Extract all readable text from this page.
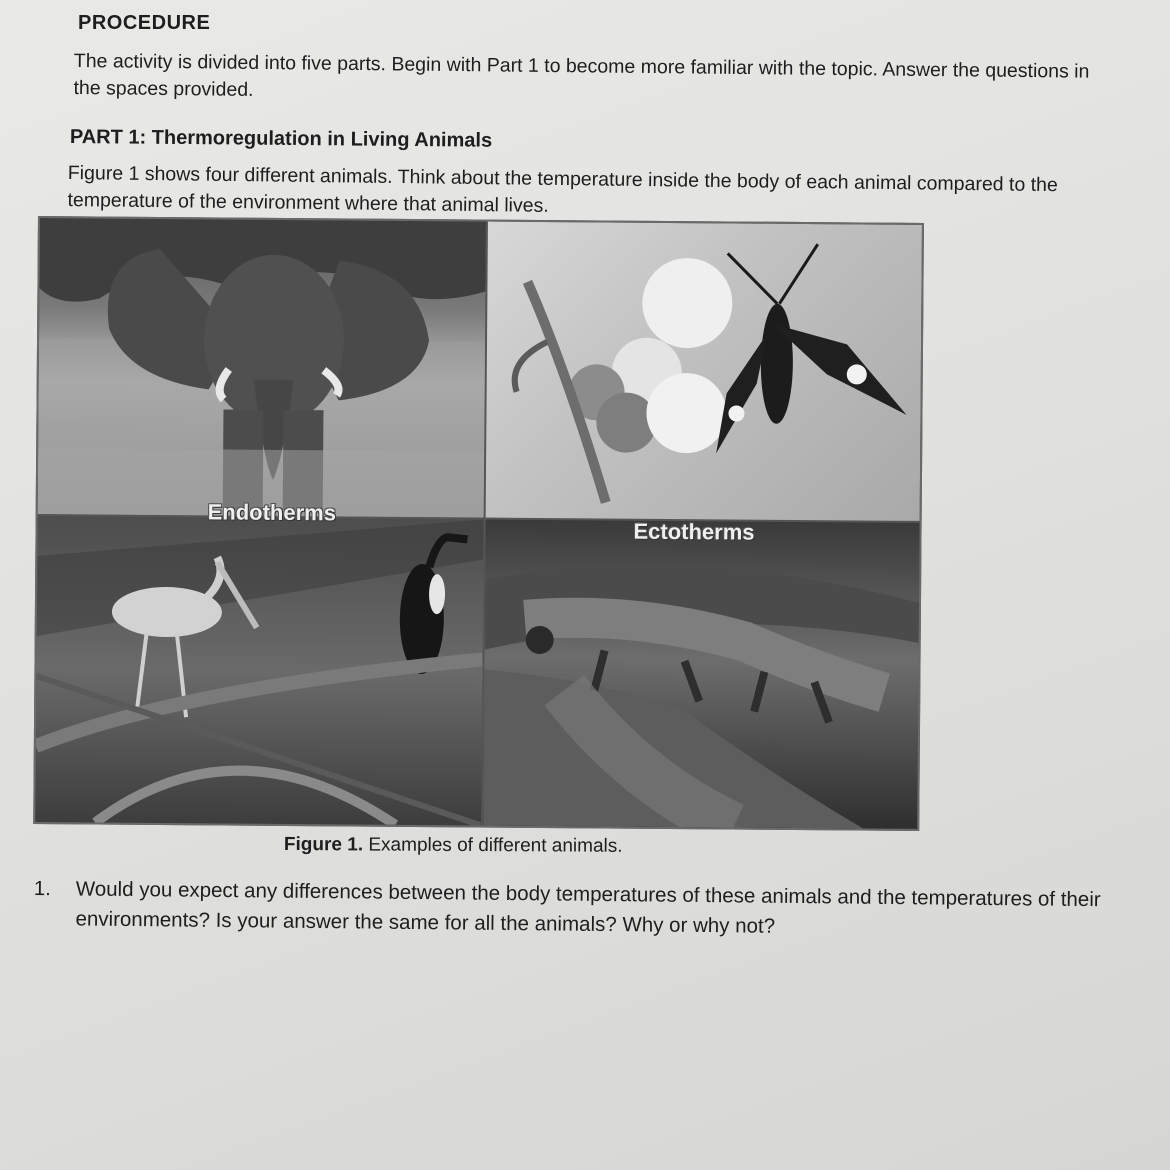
PROCEDURE
The activity is divided into five parts. Begin with Part 1 to become more familiar with the topic. Answer the questions in the spaces provided.
PART 1: Thermoregulation in Living Animals
Figure 1 shows four different animals. Think about the temperature inside the body of each animal compared to the temperature of the environment where that animal lives.
Endotherms
Ectotherms
Figure 1. Examples of different animals.
1. Would you expect any differences between the body temperatures of these animals and the temperatures of their environments? Is your answer the same for all the animals? Why or why not?
